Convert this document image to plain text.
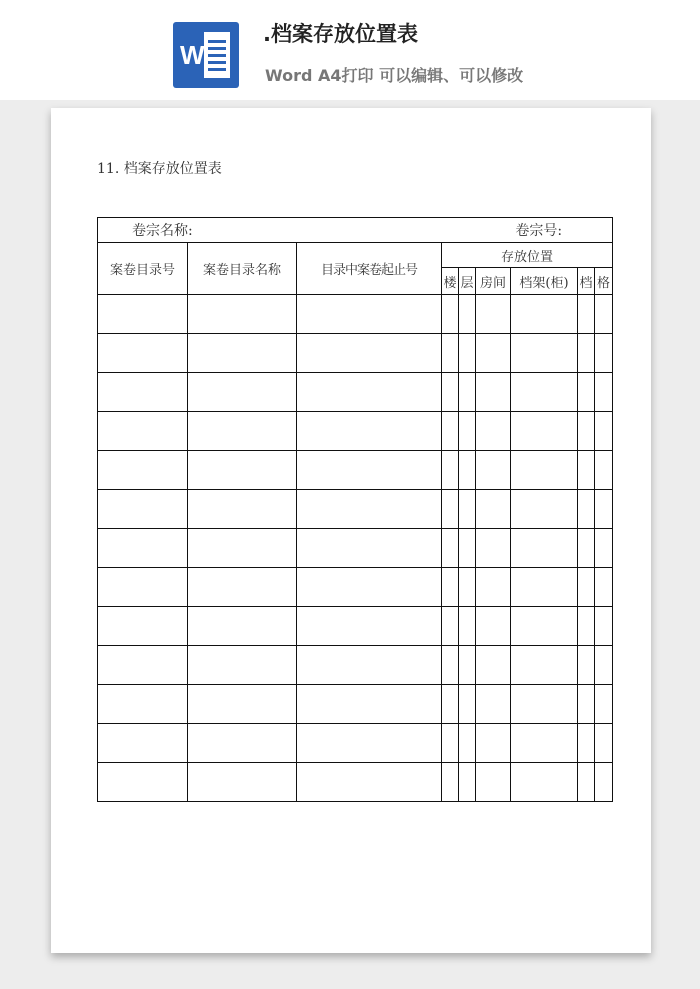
W
.档案存放位置表
Word A4打印 可以编辑、可以修改
11. 档案存放位置表
卷宗名称: 卷宗号:								

案卷目录号	案卷目录名称	目录中案卷起止号	存放位置					
			楼	层	房间	档架(柜)	档	格
